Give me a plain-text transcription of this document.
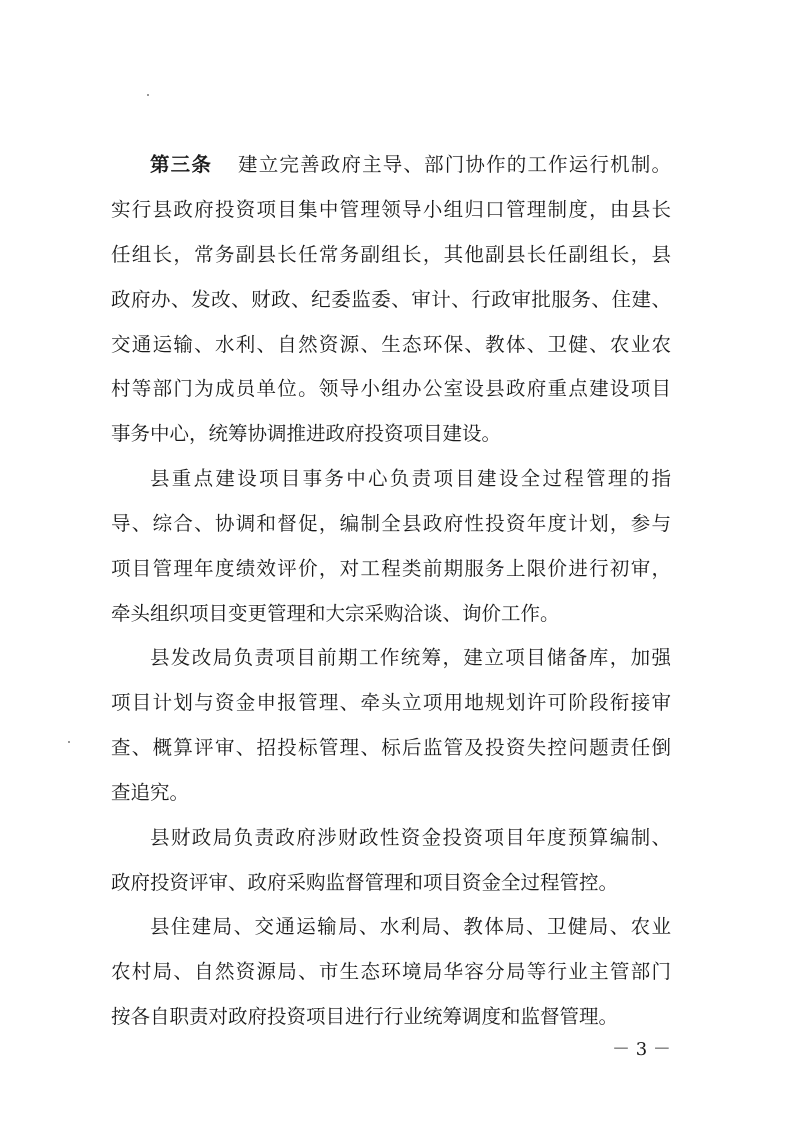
第三条 建立完善政府主导、部门协作的工作运行机制。
实行县政府投资项目集中管理领导小组归口管理制度，由县长
任组长，常务副县长任常务副组长，其他副县长任副组长，县
政府办、发改、财政、纪委监委、审计、行政审批服务、住建、
交通运输、水利、自然资源、生态环保、教体、卫健、农业农
村等部门为成员单位。领导小组办公室设县政府重点建设项目
事务中心，统筹协调推进政府投资项目建设。
县重点建设项目事务中心负责项目建设全过程管理的指
导、综合、协调和督促，编制全县政府性投资年度计划，参与
项目管理年度绩效评价，对工程类前期服务上限价进行初审，
牵头组织项目变更管理和大宗采购洽谈、询价工作。
县发改局负责项目前期工作统筹，建立项目储备库，加强
项目计划与资金申报管理、牵头立项用地规划许可阶段衔接审
查、概算评审、招投标管理、标后监管及投资失控问题责任倒
查追究。
县财政局负责政府涉财政性资金投资项目年度预算编制、
政府投资评审、政府采购监督管理和项目资金全过程管控。
县住建局、交通运输局、水利局、教体局、卫健局、农业
农村局、自然资源局、市生态环境局华容分局等行业主管部门
按各自职责对政府投资项目进行行业统筹调度和监督管理。
－ 3 －
